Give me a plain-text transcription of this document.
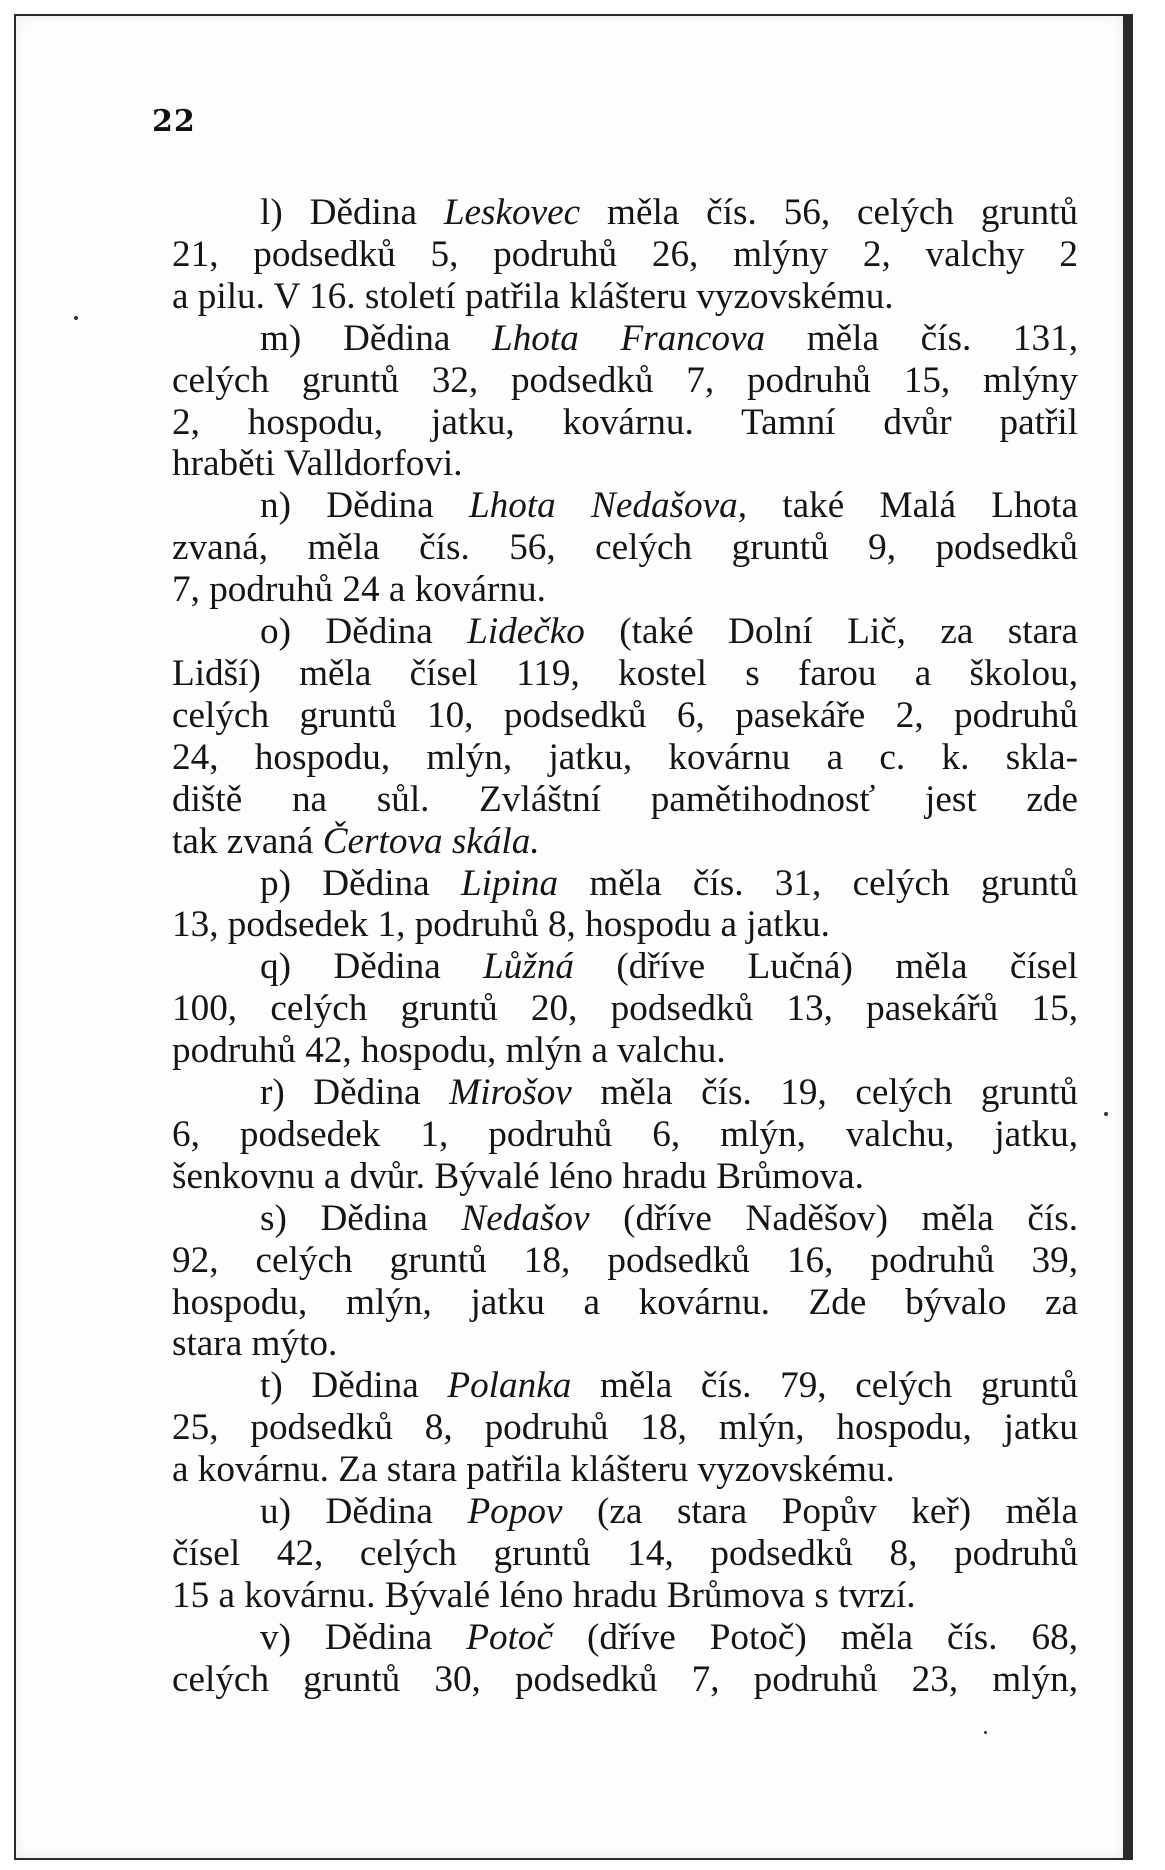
22
l) Dědina Leskovec měla čís. 56, celých gruntů
21, podsedků 5, podruhů 26, mlýny 2, valchy 2
a pilu. V 16. století patřila klášteru vyzovskému.
m) Dědina Lhota Francova měla čís. 131,
celých gruntů 32, podsedků 7, podruhů 15, mlýny
2, hospodu, jatku, kovárnu. Tamní dvůr patřil
hraběti Valldorfovi.
n) Dědina Lhota Nedašova, také Malá Lhota
zvaná, měla čís. 56, celých gruntů 9, podsedků
7, podruhů 24 a kovárnu.
o) Dědina Lidečko (také Dolní Lič, za stara
Lidší) měla čísel 119, kostel s farou a školou,
celých gruntů 10, podsedků 6, pasekáře 2, podruhů
24, hospodu, mlýn, jatku, kovárnu a c. k. skla-
diště na sůl. Zvláštní pamětihodnosť jest zde
tak zvaná Čertova skála.
p) Dědina Lipina měla čís. 31, celých gruntů
13, podsedek 1, podruhů 8, hospodu a jatku.
q) Dědina Lůžná (dříve Lučná) měla čísel
100, celých gruntů 20, podsedků 13, pasekářů 15,
podruhů 42, hospodu, mlýn a valchu.
r) Dědina Mirošov měla čís. 19, celých gruntů
6, podsedek 1, podruhů 6, mlýn, valchu, jatku,
šenkovnu a dvůr. Bývalé léno hradu Brůmova.
s) Dědina Nedašov (dříve Naděšov) měla čís.
92, celých gruntů 18, podsedků 16, podruhů 39,
hospodu, mlýn, jatku a kovárnu. Zde bývalo za
stara mýto.
t) Dědina Polanka měla čís. 79, celých gruntů
25, podsedků 8, podruhů 18, mlýn, hospodu, jatku
a kovárnu. Za stara patřila klášteru vyzovskému.
u) Dědina Popov (za stara Popův keř) měla
čísel 42, celých gruntů 14, podsedků 8, podruhů
15 a kovárnu. Bývalé léno hradu Brůmova s tvrzí.
v) Dědina Potoč (dříve Potoč) měla čís. 68,
celých gruntů 30, podsedků 7, podruhů 23, mlýn,
